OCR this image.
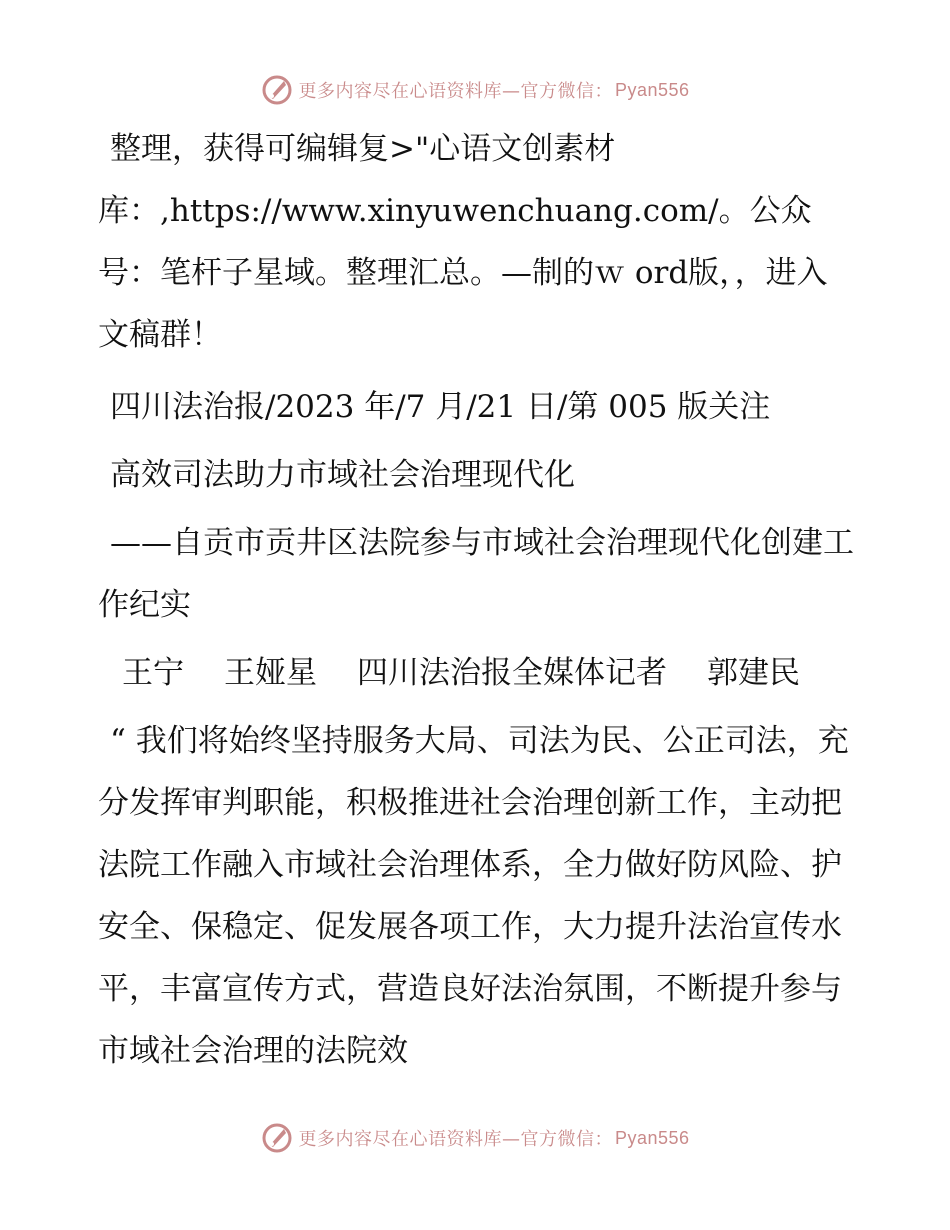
更多内容尽在心语资料库—官方微信： Pyan556

整理，获得可编辑复>"心语文创素材
库：,https://www.xinyuwenchuang.com/。公众号：笔杆子星域。整理汇总。—制的ｗ ord版，，进入文稿群！

四川法治报/2023 年/7 月/21 日/第 005 版关注

高效司法助力市域社会治理现代化

——自贡市贡井区法院参与市域社会治理现代化创建工作纪实

王宁 王娅星 四川法治报全媒体记者 郭建民

“ 我们将始终坚持服务大局、司法为民、公正司法，充分发挥审判职能，积极推进社会治理创新工作，主动把法院工作融入市域社会治理体系，全力做好防风险、护安全、保稳定、促发展各项工作，大力提升法治宣传水平，丰富宣传方式，营造良好法治氛围，不断提升参与市域社会治理的法院效

更多内容尽在心语资料库—官方微信： Pyan556
